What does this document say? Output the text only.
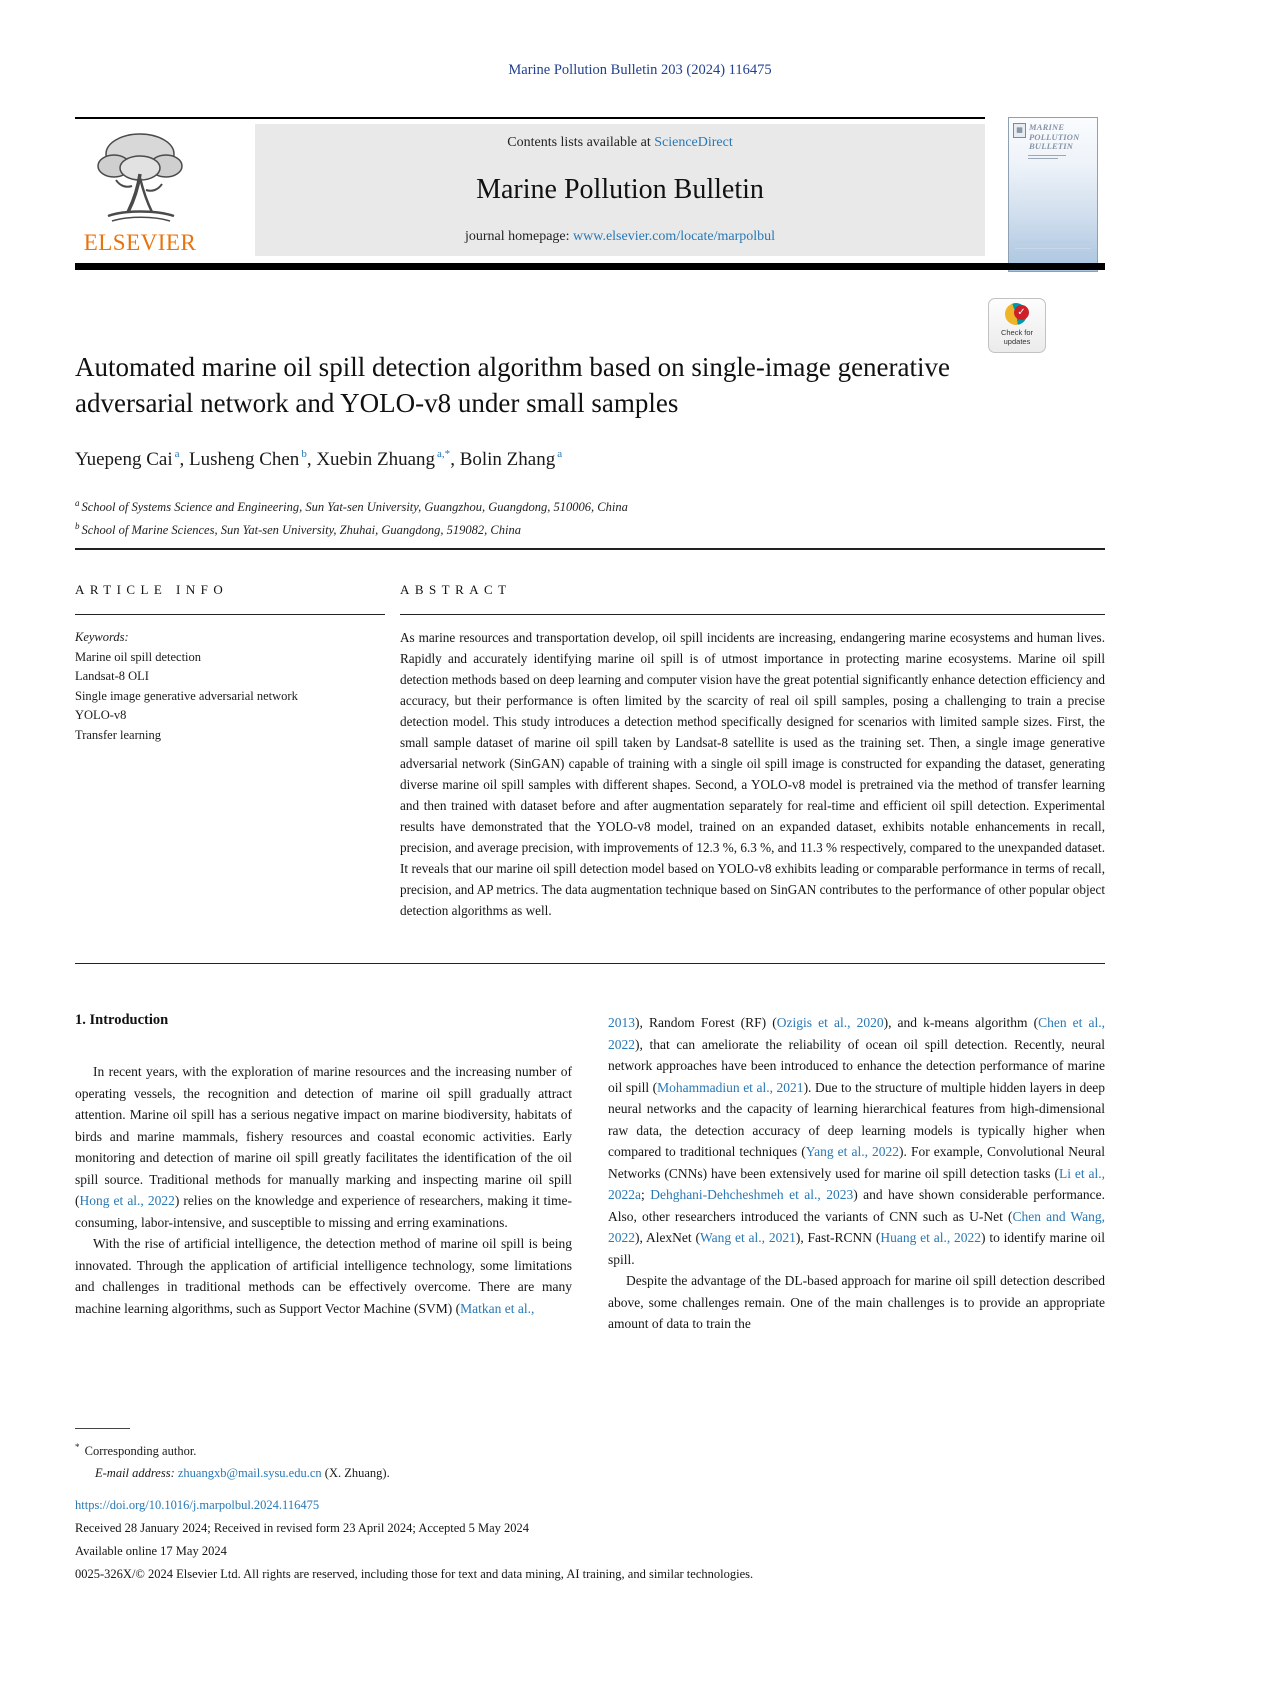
Marine Pollution Bulletin 203 (2024) 116475
ELSEVIER
Contents lists available at ScienceDirect
Marine Pollution Bulletin
journal homepage: www.elsevier.com/locate/marpolbul
▦ MARINE
POLLUTION
BULLETIN
✓
Check for
updates
Automated marine oil spill detection algorithm based on single-image generative adversarial network and YOLO-v8 under small samples
Yuepeng Cai $^a$, Lusheng Chen $^b$, Xuebin Zhuang $^{a,*}$, Bolin Zhang $^a$
$^a$ School of Systems Science and Engineering, Sun Yat-sen University, Guangzhou, Guangdong, 510006, China
$^b$ School of Marine Sciences, Sun Yat-sen University, Zhuhai, Guangdong, 519082, China
ARTICLE INFO
Keywords:
Marine oil spill detection
Landsat-8 OLI
Single image generative adversarial network
YOLO-v8
Transfer learning
ABSTRACT
As marine resources and transportation develop, oil spill incidents are increasing, endangering marine ecosystems and human lives. Rapidly and accurately identifying marine oil spill is of utmost importance in protecting marine ecosystems. Marine oil spill detection methods based on deep learning and computer vision have the great potential significantly enhance detection efficiency and accuracy, but their performance is often limited by the scarcity of real oil spill samples, posing a challenging to train a precise detection model. This study introduces a detection method specifically designed for scenarios with limited sample sizes. First, the small sample dataset of marine oil spill taken by Landsat-8 satellite is used as the training set. Then, a single image generative adversarial network (SinGAN) capable of training with a single oil spill image is constructed for expanding the dataset, generating diverse marine oil spill samples with different shapes. Second, a YOLO-v8 model is pretrained via the method of transfer learning and then trained with dataset before and after augmentation separately for real-time and efficient oil spill detection. Experimental results have demonstrated that the YOLO-v8 model, trained on an expanded dataset, exhibits notable enhancements in recall, precision, and average precision, with improvements of 12.3 %, 6.3 %, and 11.3 % respectively, compared to the unexpanded dataset. It reveals that our marine oil spill detection model based on YOLO-v8 exhibits leading or comparable performance in terms of recall, precision, and AP metrics. The data augmentation technique based on SinGAN contributes to the performance of other popular object detection algorithms as well.
1. Introduction

In recent years, with the exploration of marine resources and the increasing number of operating vessels, the recognition and detection of marine oil spill gradually attract attention. Marine oil spill has a serious negative impact on marine biodiversity, habitats of birds and marine mammals, fishery resources and coastal economic activities. Early monitoring and detection of marine oil spill greatly facilitates the identification of the oil spill source. Traditional methods for manually marking and inspecting marine oil spill (Hong et al., 2022) relies on the knowledge and experience of researchers, making it time-consuming, labor-intensive, and susceptible to missing and erring examinations.

With the rise of artificial intelligence, the detection method of marine oil spill is being innovated. Through the application of artificial intelligence technology, some limitations and challenges in traditional methods can be effectively overcome. There are many machine learning algorithms, such as Support Vector Machine (SVM) (Matkan et al.,

2013), Random Forest (RF) (Ozigis et al., 2020), and k-means algorithm (Chen et al., 2022), that can ameliorate the reliability of ocean oil spill detection. Recently, neural network approaches have been introduced to enhance the detection performance of marine oil spill (Mohammadiun et al., 2021). Due to the structure of multiple hidden layers in deep neural networks and the capacity of learning hierarchical features from high-dimensional raw data, the detection accuracy of deep learning models is typically higher when compared to traditional techniques (Yang et al., 2022). For example, Convolutional Neural Networks (CNNs) have been extensively used for marine oil spill detection tasks (Li et al., 2022a; Dehghani-Dehcheshmeh et al., 2023) and have shown considerable performance. Also, other researchers introduced the variants of CNN such as U-Net (Chen and Wang, 2022), AlexNet (Wang et al., 2021), Fast-RCNN (Huang et al., 2022) to identify marine oil spill.

Despite the advantage of the DL-based approach for marine oil spill detection described above, some challenges remain. One of the main challenges is to provide an appropriate amount of data to train the

* Corresponding author.
E-mail address: zhuangxb@mail.sysu.edu.cn (X. Zhuang).
https://doi.org/10.1016/j.marpolbul.2024.116475
Received 28 January 2024; Received in revised form 23 April 2024; Accepted 5 May 2024
Available online 17 May 2024
0025-326X/© 2024 Elsevier Ltd. All rights are reserved, including those for text and data mining, AI training, and similar technologies.
